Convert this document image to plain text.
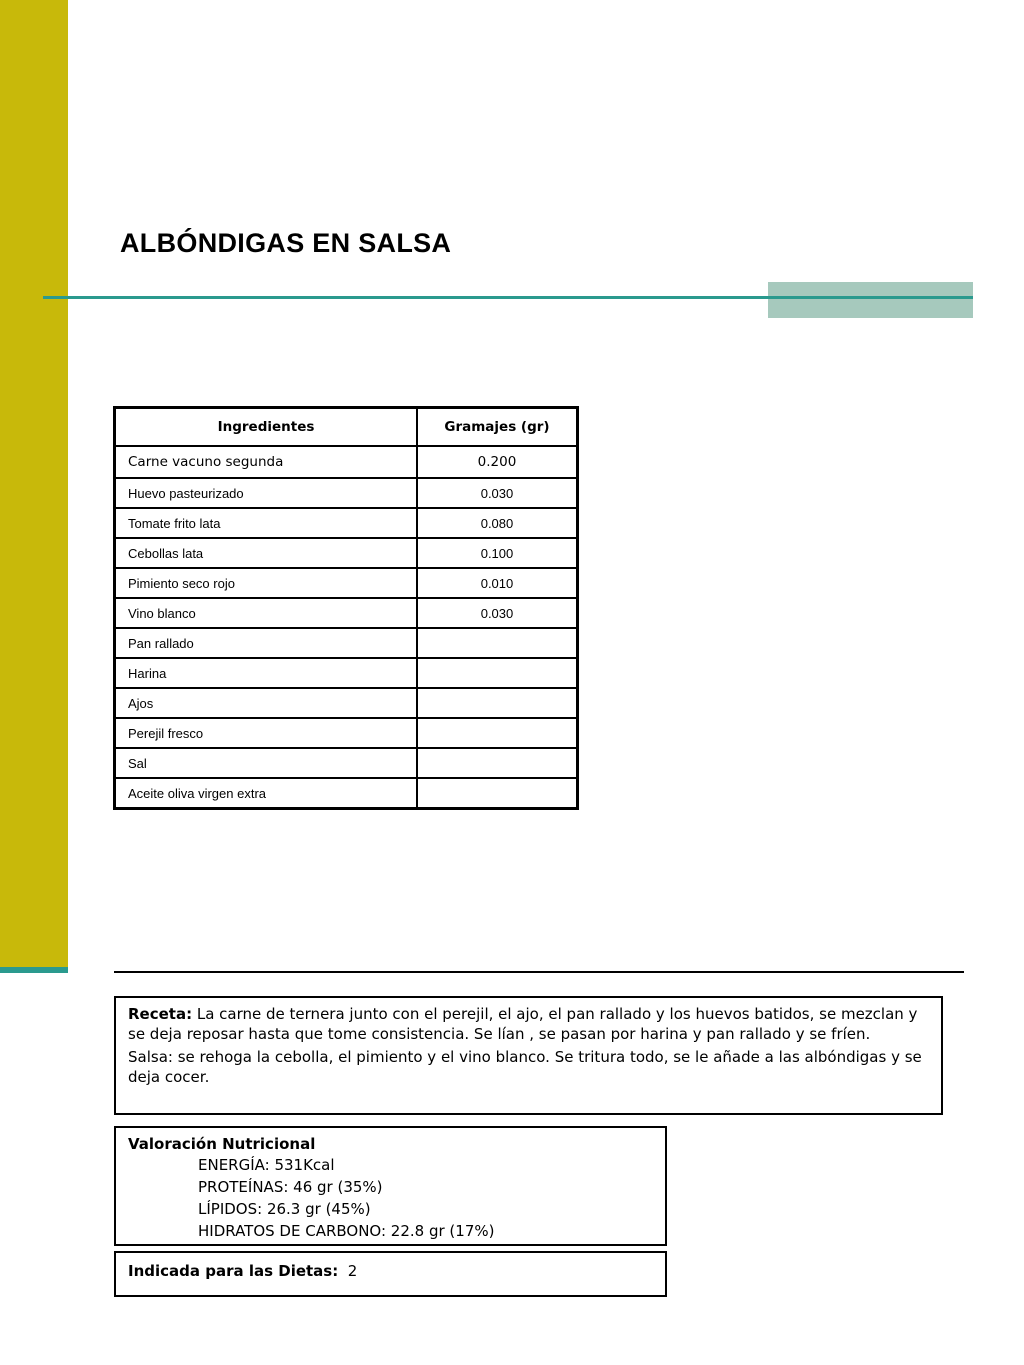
ALBÓNDIGAS EN SALSA
Ingredientes	Gramajes (gr)
Carne vacuno segunda	0.200
Huevo pasteurizado	0.030
Tomate frito lata	0.080
Cebollas lata	0.100
Pimiento seco rojo	0.010
Vino blanco	0.030
Pan rallado	
Harina	
Ajos	
Perejil fresco	
Sal	
Aceite oliva virgen extra	

Receta: La carne de ternera junto con el perejil, el ajo, el pan rallado y los huevos batidos, se mezclan y se deja reposar hasta que tome consistencia. Se lían , se pasan por harina y pan rallado y se fríen.

Salsa: se rehoga la cebolla, el pimiento y el vino blanco. Se tritura todo, se le añade a las albóndigas y se deja cocer.

Valoración Nutricional
ENERGÍA: 531Kcal
PROTEÍNAS: 46 gr (35%)
LÍPIDOS: 26.3 gr (45%)
HIDRATOS DE CARBONO: 22.8 gr (17%)
Indicada para las Dietas: 2
